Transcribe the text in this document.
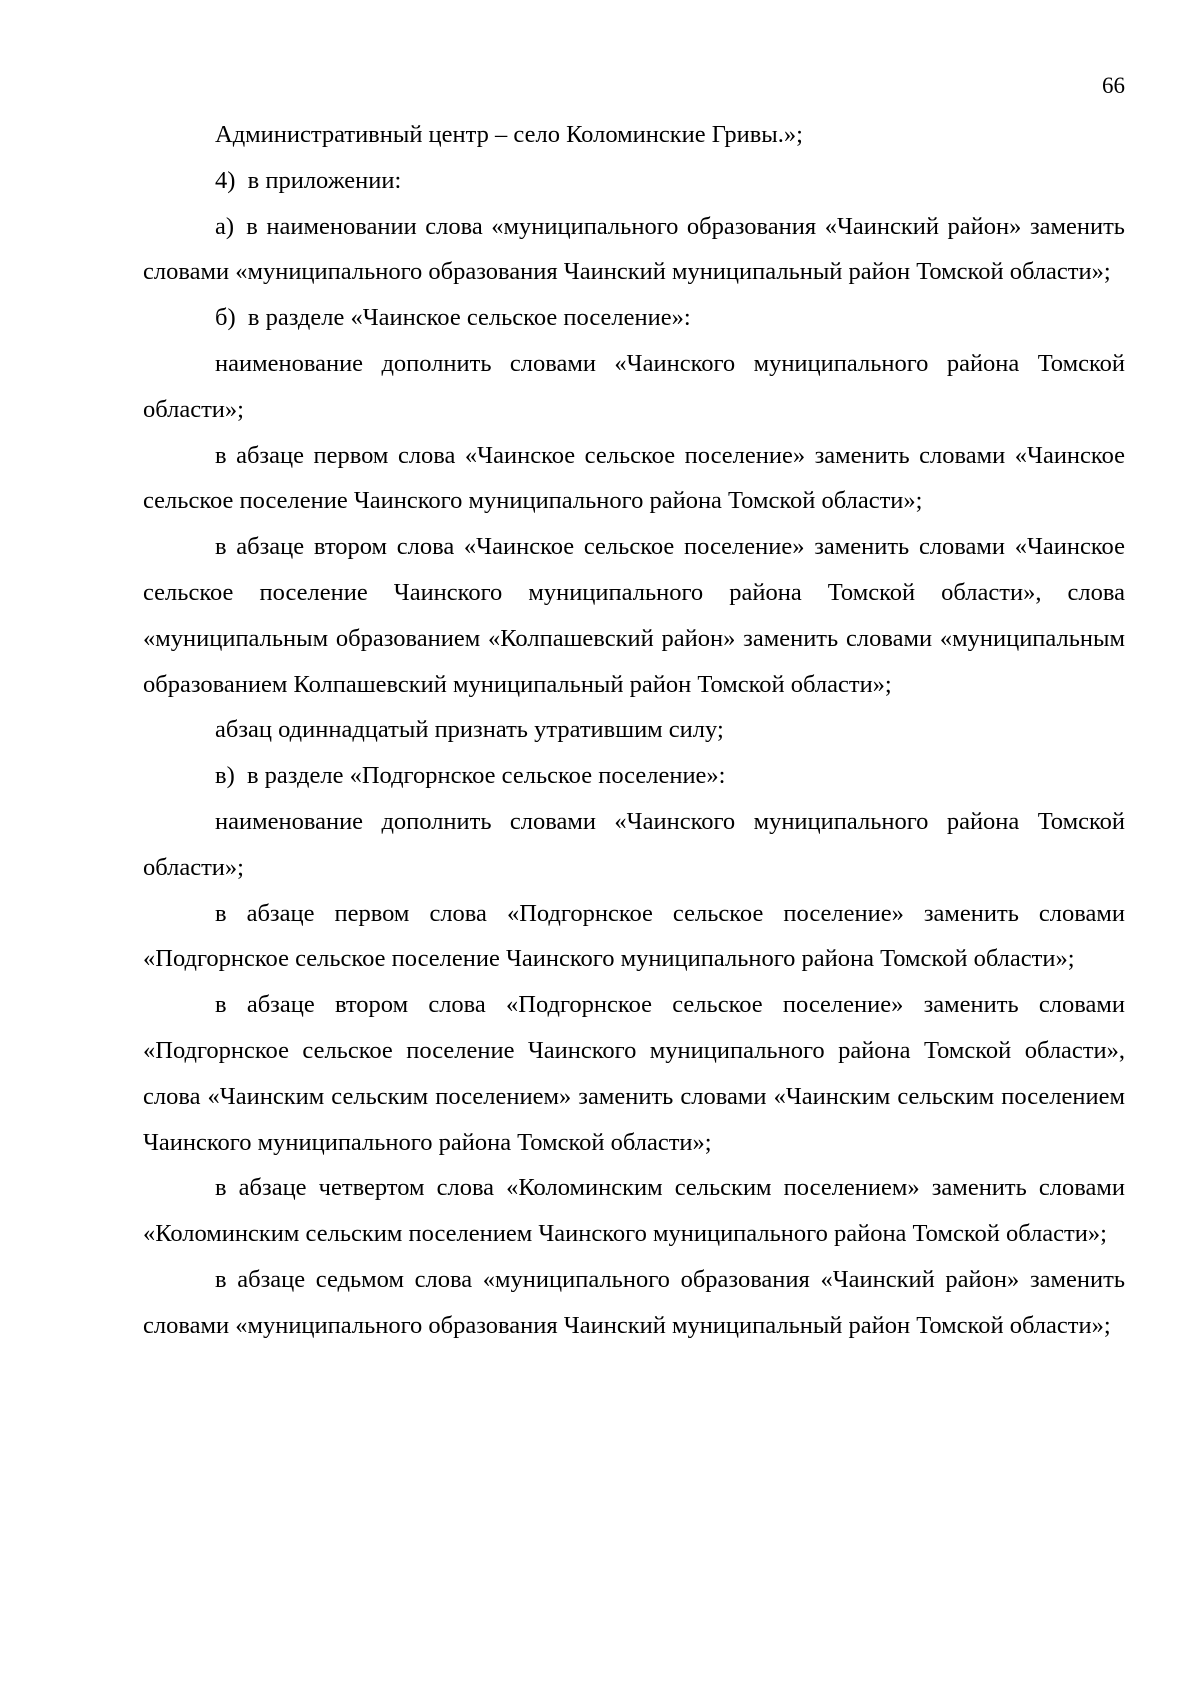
66

Административный центр – село Коломинские Гривы.»;

4) в приложении:

а) в наименовании слова «муниципального образования «Чаинский район» заменить словами «муниципального образования Чаинский муниципальный район Томской области»;

б) в разделе «Чаинское сельское поселение»:

наименование дополнить словами «Чаинского муниципального района Томской области»;

в абзаце первом слова «Чаинское сельское поселение» заменить словами «Чаинское сельское поселение Чаинского муниципального района Томской области»;

в абзаце втором слова «Чаинское сельское поселение» заменить словами «Чаинское сельское поселение Чаинского муниципального района Томской области», слова «муниципальным образованием «Колпашевский район» заменить словами «муниципальным образованием Колпашевский муниципальный район Томской области»;

абзац одиннадцатый признать утратившим силу;

в) в разделе «Подгорнское сельское поселение»:

наименование дополнить словами «Чаинского муниципального района Томской области»;

в абзаце первом слова «Подгорнское сельское поселение» заменить словами «Подгорнское сельское поселение Чаинского муниципального района Томской области»;

в абзаце втором слова «Подгорнское сельское поселение» заменить словами «Подгорнское сельское поселение Чаинского муниципального района Томской области», слова «Чаинским сельским поселением» заменить словами «Чаинским сельским поселением Чаинского муниципального района Томской области»;

в абзаце четвертом слова «Коломинским сельским поселением» заменить словами «Коломинским сельским поселением Чаинского муниципального района Томской области»;

в абзаце седьмом слова «муниципального образования «Чаинский район» заменить словами «муниципального образования Чаинский муниципальный район Томской области»;
